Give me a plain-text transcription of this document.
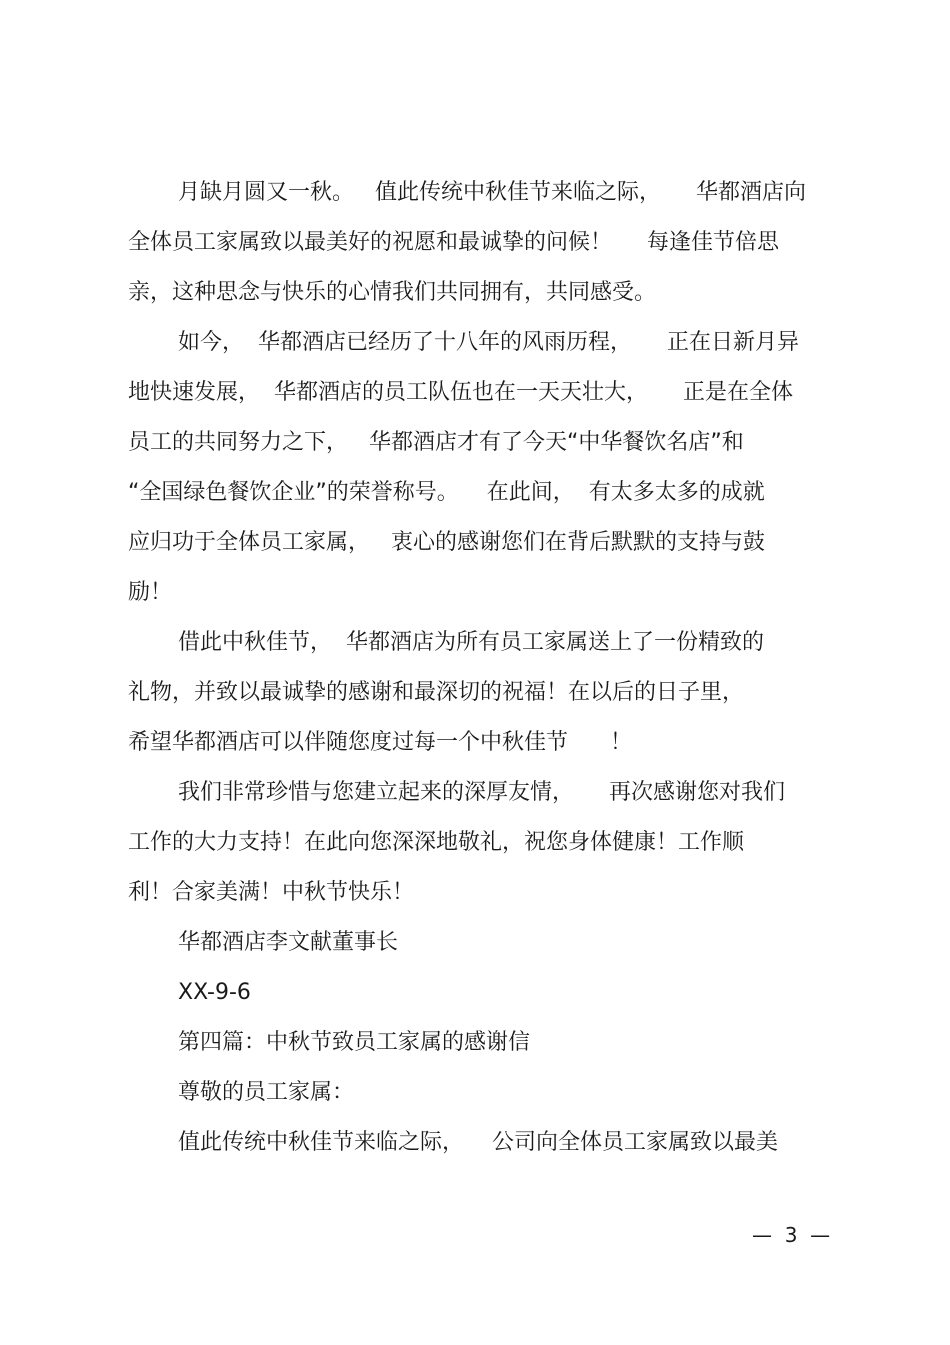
月缺月圆又一秋。   值此传统中秋佳节来临之际，     华都酒店向
全体员工家属致以最美好的祝愿和最诚挚的问候！     每逢佳节倍思
亲，这种思念与快乐的心情我们共同拥有，共同感受。
如今，  华都酒店已经历了十八年的风雨历程，     正在日新月异
地快速发展，  华都酒店的员工队伍也在一天天壮大，     正是在全体
员工的共同努力之下，   华都酒店才有了今天“中华餐饮名店”和
“全国绿色餐饮企业”的荣誉称号。    在此间，  有太多太多的成就
应归功于全体员工家属，   衷心的感谢您们在背后默默的支持与鼓
励！
借此中秋佳节，  华都酒店为所有员工家属送上了一份精致的
礼物，并致以最诚挚的感谢和最深切的祝福！在以后的日子里，
希望华都酒店可以伴随您度过每一个中秋佳节      ！
我们非常珍惜与您建立起来的深厚友情，     再次感谢您对我们
工作的大力支持！在此向您深深地敬礼，祝您身体健康！工作顺
利！合家美满！中秋节快乐！
华都酒店李文献董事长
XX-9-6
第四篇：中秋节致员工家属的感谢信
尊敬的员工家属：
值此传统中秋佳节来临之际，    公司向全体员工家属致以最美
—  3  —
